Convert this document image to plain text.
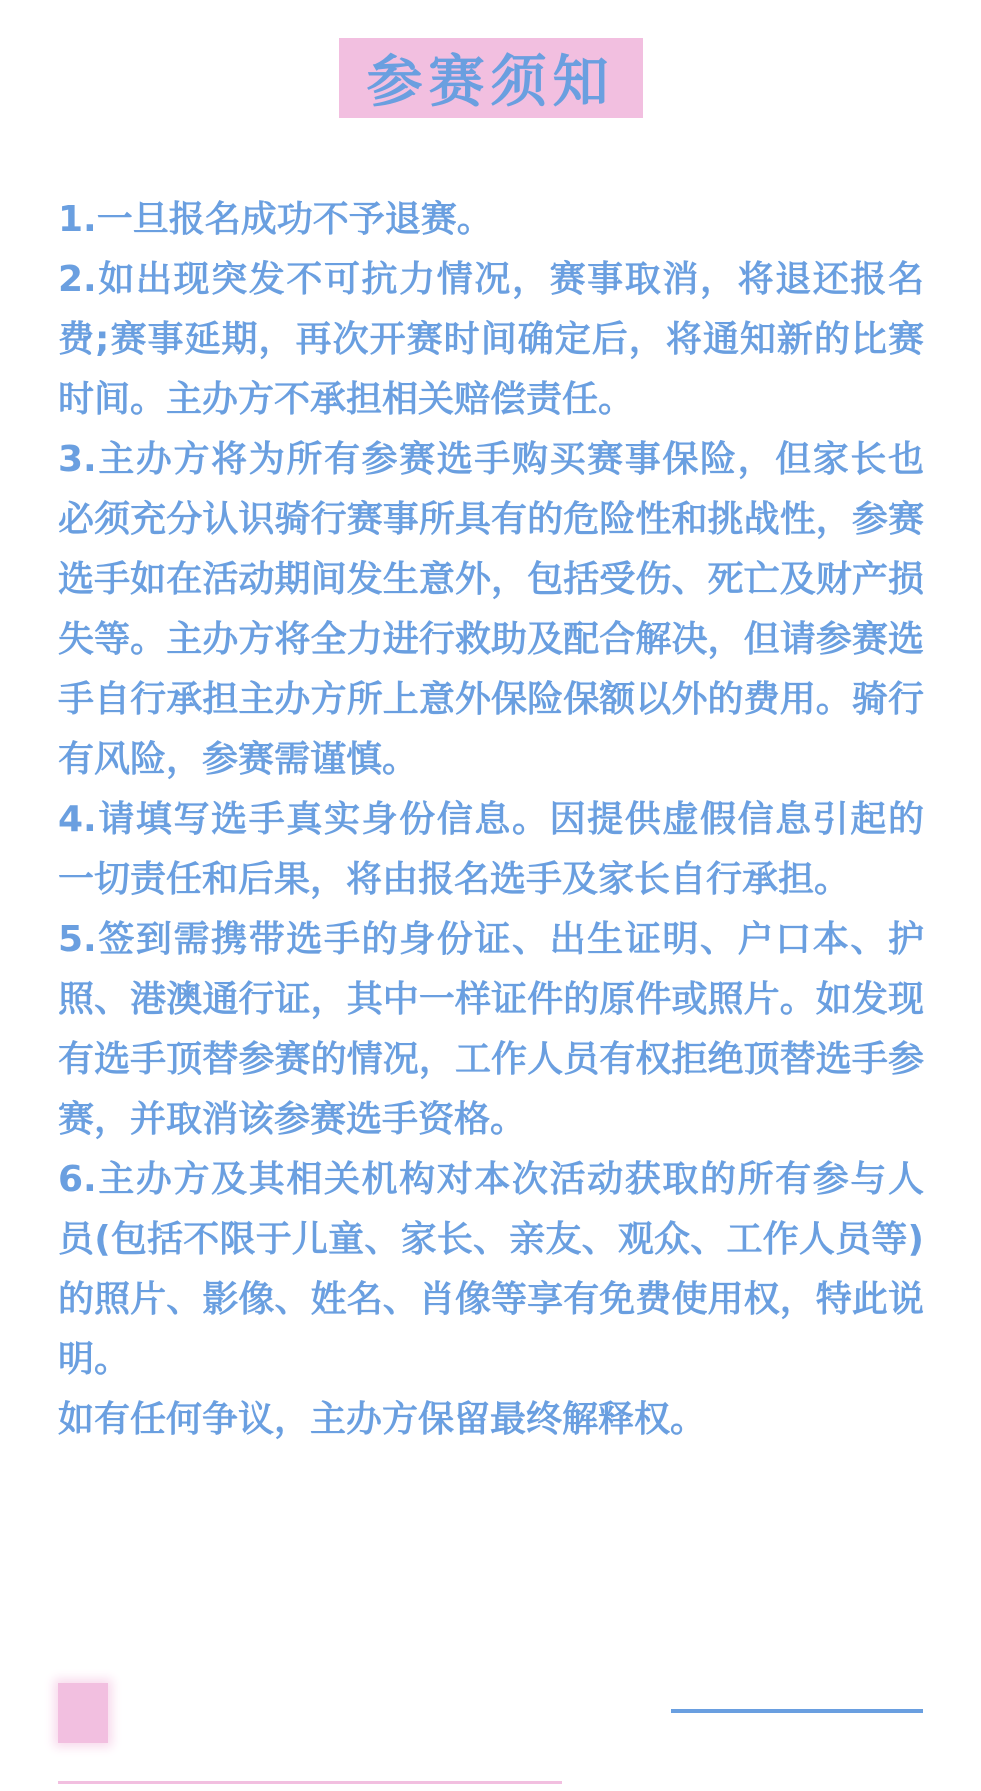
参赛须知

1.一旦报名成功不予退赛。

2.如出现突发不可抗力情况，赛事取消，将退还报名费;赛事延期，再次开赛时间确定后，将通知新的比赛时间。主办方不承担相关赔偿责任。

3.主办方将为所有参赛选手购买赛事保险，但家长也必须充分认识骑行赛事所具有的危险性和挑战性，参赛选手如在活动期间发生意外，包括受伤、死亡及财产损失等。主办方将全力进行救助及配合解决，但请参赛选手自行承担主办方所上意外保险保额以外的费用。骑行有风险，参赛需谨慎。

4.请填写选手真实身份信息。因提供虚假信息引起的一切责任和后果，将由报名选手及家长自行承担。

5.签到需携带选手的身份证、出生证明、户口本、护照、港澳通行证，其中一样证件的原件或照片。如发现有选手顶替参赛的情况，工作人员有权拒绝顶替选手参赛，并取消该参赛选手资格。

6.主办方及其相关机构对本次活动获取的所有参与人员(包括不限于儿童、家长、亲友、观众、工作人员等)的照片、影像、姓名、肖像等享有免费使用权，特此说明。

如有任何争议，主办方保留最终解释权。
